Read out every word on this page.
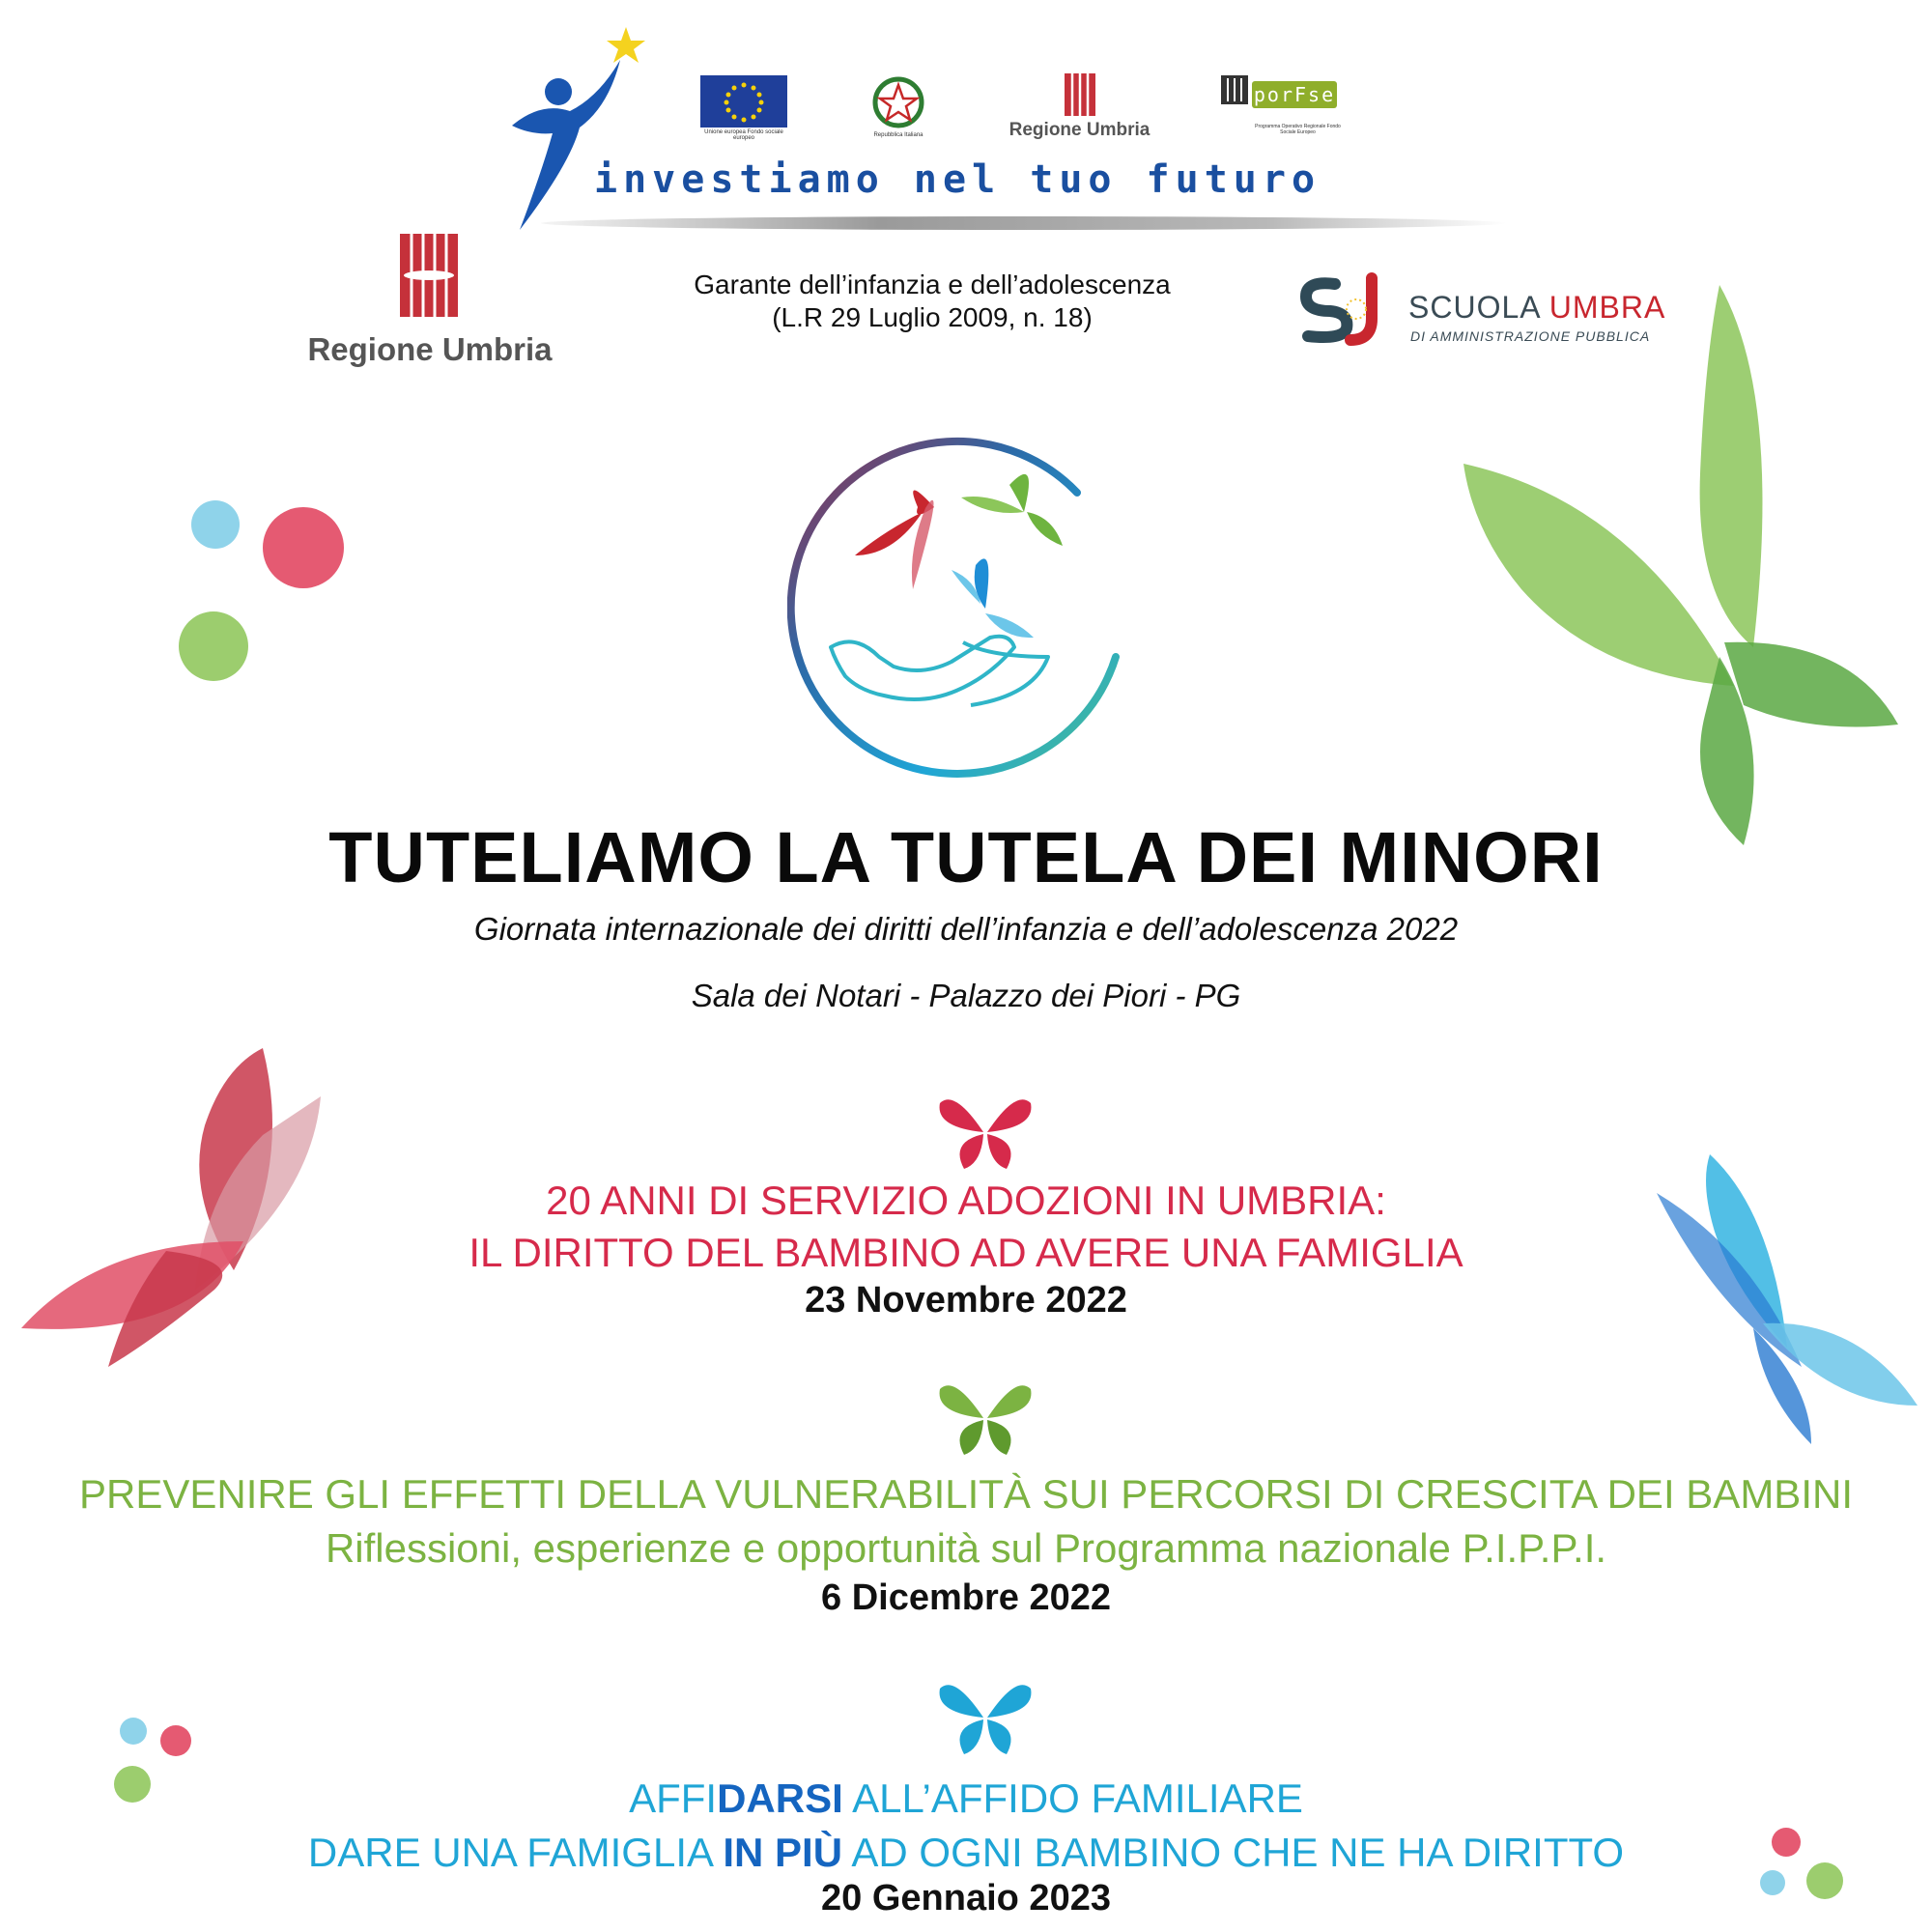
Unione europea Fondo sociale europeo	Repubblica Italiana	Regione Umbria
porFse
Programma Operativo Regionale Fondo Sociale Europeo
investiamo nel tuo futuro
Regione Umbria
Garante dell’infanzia e dell’adolescenza
(L.R 29 Luglio 2009, n. 18)	SCUOLA UMBRA
DI AMMINISTRAZIONE PUBBLICA
TUTELIAMO LA TUTELA DEI MINORI
Giornata internazionale dei diritti dell’infanzia e dell’adolescenza 2022
Sala dei Notari - Palazzo dei Piori - PG
20 ANNI DI SERVIZIO ADOZIONI IN UMBRIA:
IL DIRITTO DEL BAMBINO AD AVERE UNA FAMIGLIA
23 Novembre 2022
PREVENIRE GLI EFFETTI DELLA VULNERABILITÀ SUI PERCORSI DI CRESCITA DEI BAMBINI
Riflessioni, esperienze e opportunità sul Programma nazionale P.I.P.P.I.
6 Dicembre 2022
AFFIDARSI ALL’AFFIDO FAMILIARE
DARE UNA FAMIGLIA IN PIÙ AD OGNI BAMBINO CHE NE HA DIRITTO
20 Gennaio 2023
